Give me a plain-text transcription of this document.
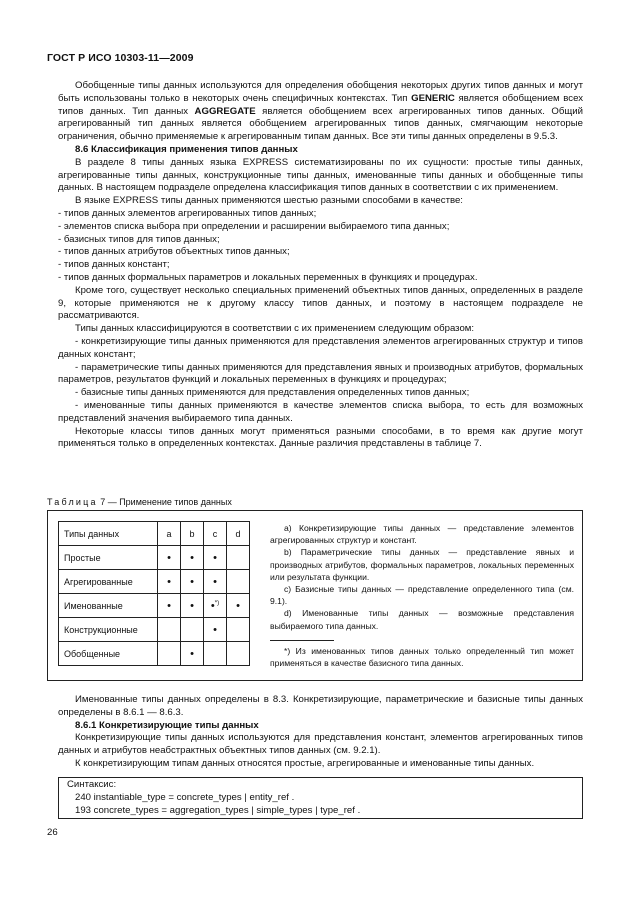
ГОСТ Р ИСО 10303-11—2009

Обобщенные типы данных используются для определения обобщения некоторых других типов данных и могут быть использованы только в некоторых очень специфичных контекстах. Тип GENERIC является обобщением всех типов данных. Тип данных AGGREGATE является обобщением всех агрегированных типов данных. Общий агрегированный тип данных является обобщением агрегированных типов данных, смягчающим некоторые ограничения, обычно применяемые к агрегированным типам данных. Все эти типы данных определены в 9.5.3.

8.6 Классификация применения типов данных

В разделе 8 типы данных языка EXPRESS систематизированы по их сущности: простые типы данных, агрегированные типы данных, конструкционные типы данных, именованные типы данных и обобщенные типы данных. В настоящем подразделе определена классификация типов данных в соответствии с их применением.

В языке EXPRESS типы данных применяются шестью разными способами в качестве:

- типов данных элементов агрегированных типов данных;

- элементов списка выбора при определении и расширении выбираемого типа данных;

- базисных типов для типов данных;

- типов данных атрибутов объектных типов данных;

- типов данных констант;

- типов данных формальных параметров и локальных переменных в функциях и процедурах.

Кроме того, существует несколько специальных применений объектных типов данных, определенных в разделе 9, которые применяются не к другому классу типов данных, и поэтому в настоящем подразделе не рассматриваются.

Типы данных классифицируются в соответствии с их применением следующим образом:

- конкретизирующие типы данных применяются для представления элементов агрегированных структур и типов данных констант;

- параметрические типы данных применяются для представления явных и производных атрибутов, формальных параметров, результатов функций и локальных переменных в функциях и процедурах;

- базисные типы данных применяются для представления определенных типов данных;

- именованные типы данных применяются в качестве элементов списка выбора, то есть для возможных представлений значения выбираемого типа данных.

Некоторые классы типов данных могут применяться разными способами, в то время как другие могут применяться только в определенных контекстах. Данные различия представлены в таблице 7.

Таблица 7 — Применение типов данных
Типы данных	a	b	c	d
Простые	•	•	•	
Агрегированные	•	•	•	
Именованные	•	•	•*)	•
Конструкционные			•	
Обобщенные		•		

a) Конкретизирующие типы данных — представление элементов агрегированных структур и констант.

b) Параметрические типы данных — представление явных и производных атрибутов, формальных параметров, локальных переменных или результата функции.

c) Базисные типы данных — представление определенного типа (см. 9.1).

d) Именованные типы данных — возможные представления выбираемого типа данных.

*) Из именованных типов данных только определенный тип может применяться в качестве базисного типа данных.

Именованные типы данных определены в 8.3. Конкретизирующие, параметрические и базисные типы данных определены в 8.6.1 — 8.6.3.

8.6.1 Конкретизирующие типы данных

Конкретизирующие типы данных используются для представления констант, элементов агрегированных типов данных и атрибутов неабстрактных объектных типов данных (см. 9.2.1).

К конкретизирующим типам данных относятся простые, агрегированные и именованные типы данных.

Синтаксис:
240 instantiable_type = concrete_types | entity_ref .
193 concrete_types = aggregation_types | simple_types | type_ref .
26
